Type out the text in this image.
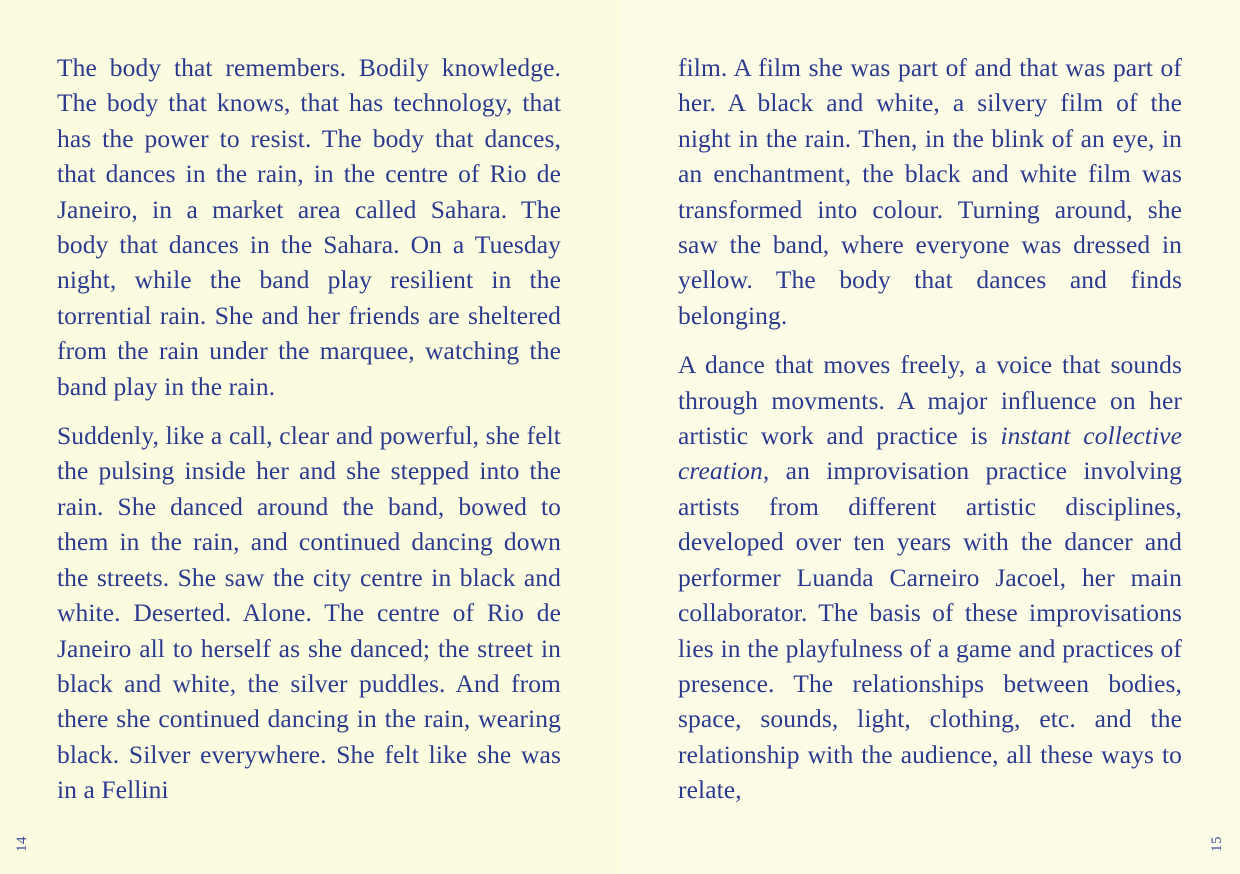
The body that remembers. Bodily knowledge. The body that knows, that has technology, that has the power to resist. The body that dances, that dances in the rain, in the centre of Rio de Janeiro, in a market area called Sahara. The body that dances in the Sahara. On a Tuesday night, while the band play resilient in the torrential rain. She and her friends are sheltered from the rain under the marquee, watching the band play in the rain.

Suddenly, like a call, clear and powerful, she felt the pulsing inside her and she stepped into the rain. She danced around the band, bowed to them in the rain, and continued dancing down the streets. She saw the city centre in black and white. Deserted. Alone. The centre of Rio de Janeiro all to herself as she danced; the street in black and white, the silver puddles. And from there she continued dancing in the rain, wearing black. Silver everywhere. She felt like she was in a Fellini

14

film. A film she was part of and that was part of her. A black and white, a silvery film of the night in the rain. Then, in the blink of an eye, in an enchantment, the black and white film was transformed into colour. Turning around, she saw the band, where everyone was dressed in yellow. The body that dances and finds belonging.

A dance that moves freely, a voice that sounds through movments. A major influence on her artistic work and practice is instant collective creation, an improvisation practice involving artists from different artistic disciplines, developed over ten years with the dancer and performer Luanda Carneiro Jacoel, her main collaborator. The basis of these improvisations lies in the playfulness of a game and practices of presence. The relationships between bodies, space, sounds, light, clothing, etc. and the relationship with the audience, all these ways to relate,

15
